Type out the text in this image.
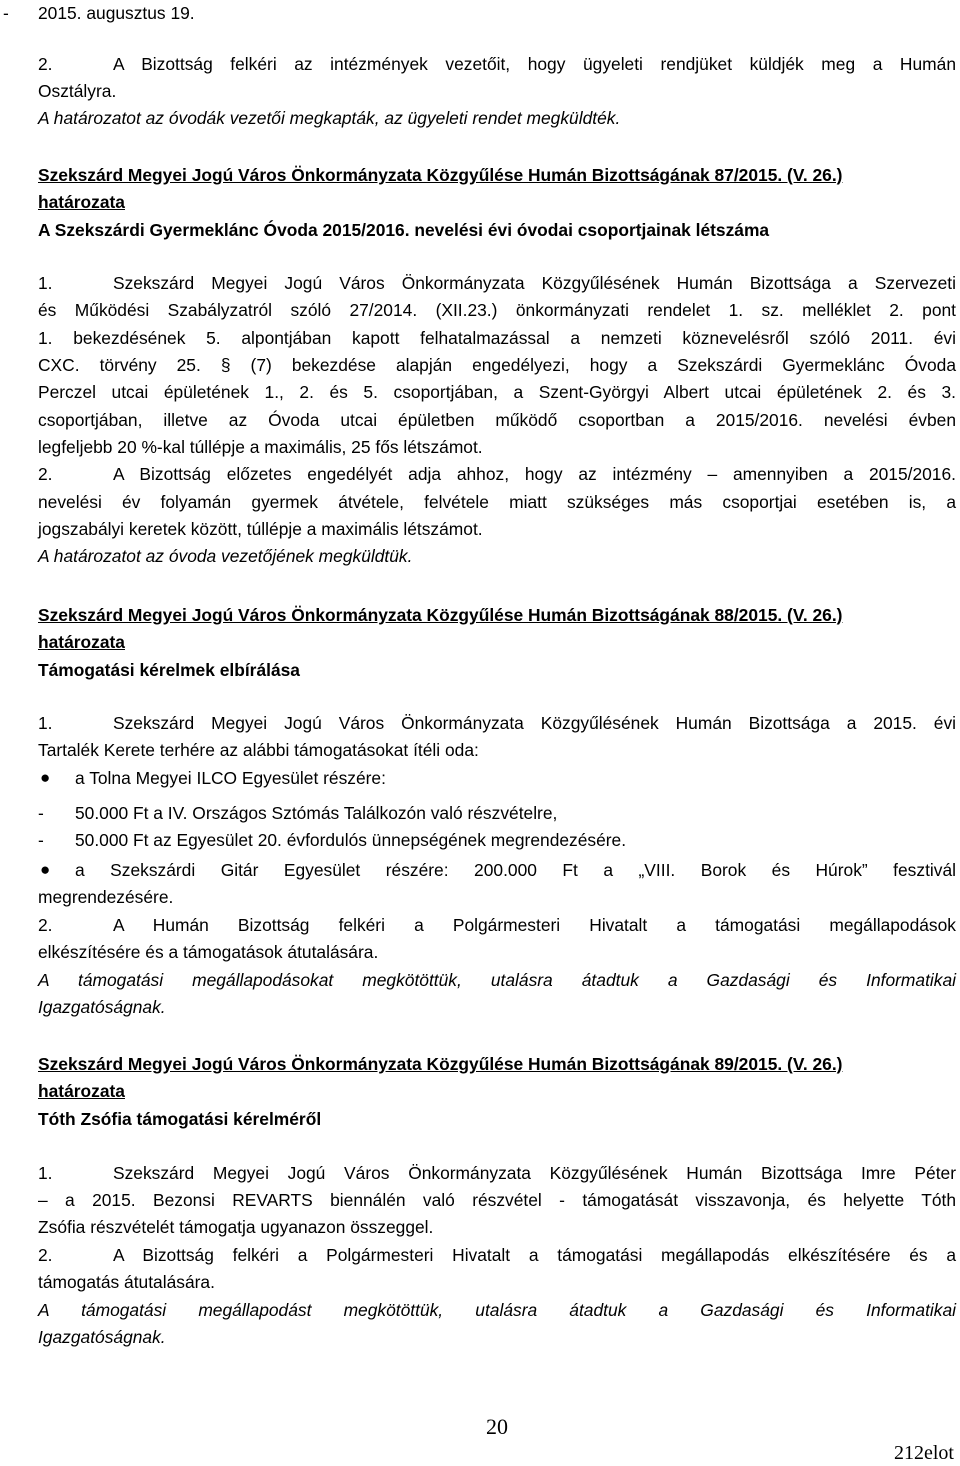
- 2015. augusztus 19.
2.	A Bizottság felkéri az intézmények vezetőit, hogy ügyeleti rendjüket küldjék meg a Humán
Osztályra.
A határozatot az óvodák vezetői megkapták, az ügyeleti rendet megküldték.
Szekszárd Megyei Jogú Város Önkormányzata Közgyűlése Humán Bizottságának 87/2015. (V. 26.)
határozata
A Szekszárdi Gyermeklánc Óvoda 2015/2016. nevelési évi óvodai csoportjainak létszáma
1.	Szekszárd Megyei Jogú Város Önkormányzata Közgyűlésének Humán Bizottsága a Szervezeti
és Működési Szabályzatról szóló 27/2014. (XII.23.) önkormányzati rendelet 1. sz. melléklet 2. pont
1. bekezdésének 5. alpontjában kapott felhatalmazással a nemzeti köznevelésről szóló 2011. évi
CXC. törvény 25. § (7) bekezdése alapján engedélyezi, hogy a Szekszárdi Gyermeklánc Óvoda
Perczel utcai épületének 1., 2. és 5. csoportjában, a Szent-Györgyi Albert utcai épületének 2. és 3.
csoportjában, illetve az Óvoda utcai épületben működő csoportban a 2015/2016. nevelési évben
legfeljebb 20 %-kal túllépje a maximális, 25 fős létszámot.
2.	A Bizottság előzetes engedélyét adja ahhoz, hogy az intézmény – amennyiben a 2015/2016.
nevelési év folyamán gyermek átvétele, felvétele miatt szükséges más csoportjai esetében is, a
jogszabályi keretek között, túllépje a maximális létszámot.
A határozatot az óvoda vezetőjének megküldtük.
Szekszárd Megyei Jogú Város Önkormányzata Közgyűlése Humán Bizottságának 88/2015. (V. 26.)
határozata
Támogatási kérelmek elbírálása
1.	Szekszárd Megyei Jogú Város Önkormányzata Közgyűlésének Humán Bizottsága a 2015. évi
Tartalék Kerete terhére az alábbi támogatásokat ítéli oda:
● a Tolna Megyei ILCO Egyesület részére:
- 50.000 Ft a IV. Országos Sztómás Találkozón való részvételre,
- 50.000 Ft az Egyesület 20. évfordulós ünnepségének megrendezésére.
● a Szekszárdi Gitár Egyesület részére: 200.000 Ft a „VIII. Borok és Húrok” fesztivál
megrendezésére.
2.	A Humán Bizottság felkéri a Polgármesteri Hivatalt a támogatási megállapodások
elkészítésére és a támogatások átutalására.
A támogatási megállapodásokat megkötöttük, utalásra átadtuk a Gazdasági és Informatikai
Igazgatóságnak.
Szekszárd Megyei Jogú Város Önkormányzata Közgyűlése Humán Bizottságának 89/2015. (V. 26.)
határozata
Tóth Zsófia támogatási kérelméről
1.	Szekszárd Megyei Jogú Város Önkormányzata Közgyűlésének Humán Bizottsága Imre Péter
– a 2015. Bezonsi REVARTS biennálén való részvétel - támogatását visszavonja, és helyette Tóth
Zsófia részvételét támogatja ugyanazon összeggel.
2.	A Bizottság felkéri a Polgármesteri Hivatalt a támogatási megállapodás elkészítésére és a
támogatás átutalására.
A támogatási megállapodást megkötöttük, utalásra átadtuk a Gazdasági és Informatikai
Igazgatóságnak.
20
212elot
